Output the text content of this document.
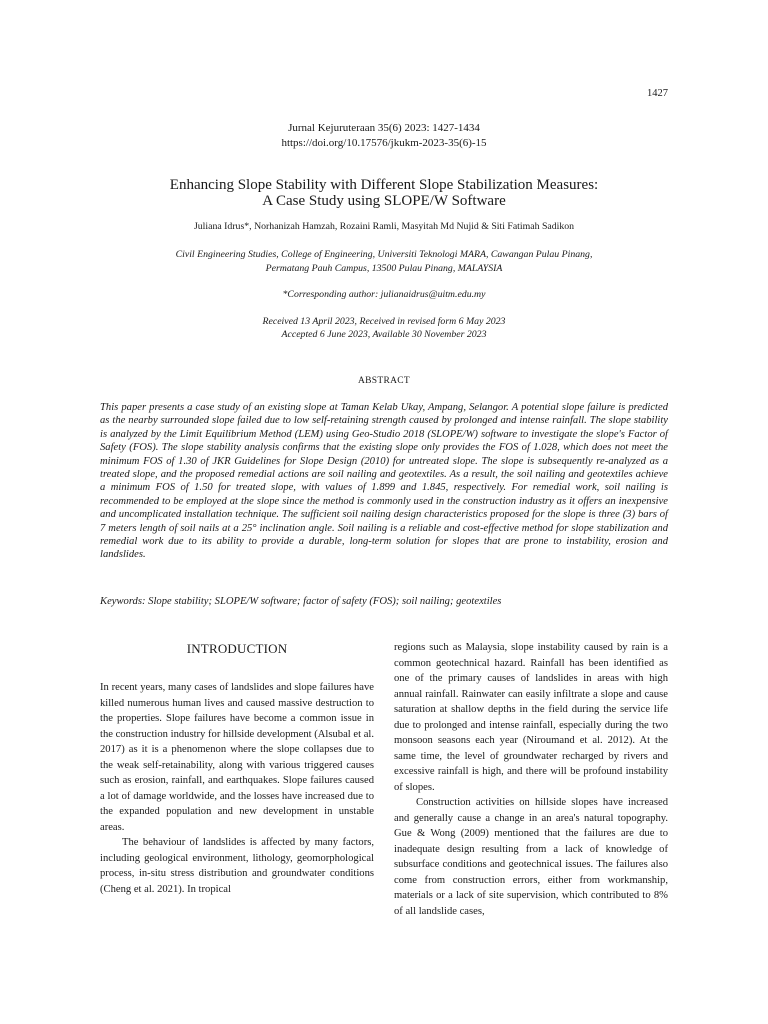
1427
Jurnal Kejuruteraan 35(6) 2023: 1427-1434
https://doi.org/10.17576/jkukm-2023-35(6)-15
Enhancing Slope Stability with Different Slope Stabilization Measures:
A Case Study using SLOPE/W Software
Juliana Idrus*, Norhanizah Hamzah, Rozaini Ramli, Masyitah Md Nujid & Siti Fatimah Sadikon
Civil Engineering Studies, College of Engineering, Universiti Teknologi MARA, Cawangan Pulau Pinang,
Permatang Pauh Campus, 13500 Pulau Pinang, MALAYSIA
*Corresponding author: julianaidrus@uitm.edu.my
Received 13 April 2023, Received in revised form 6 May 2023
Accepted 6 June 2023, Available 30 November 2023
ABSTRACT

This paper presents a case study of an existing slope at Taman Kelab Ukay, Ampang, Selangor. A potential slope failure is predicted as the nearby surrounded slope failed due to low self-retaining strength caused by prolonged and intense rainfall. The slope stability is analyzed by the Limit Equilibrium Method (LEM) using Geo-Studio 2018 (SLOPE/W) software to investigate the slope's Factor of Safety (FOS). The slope stability analysis confirms that the existing slope only provides the FOS of 1.028, which does not meet the minimum FOS of 1.30 of JKR Guidelines for Slope Design (2010) for untreated slope. The slope is subsequently re-analyzed as a treated slope, and the proposed remedial actions are soil nailing and geotextiles. As a result, the soil nailing and geotextiles achieve a minimum FOS of 1.50 for treated slope, with values of 1.899 and 1.845, respectively. For remedial work, soil nailing is recommended to be employed at the slope since the method is commonly used in the construction industry as it offers an inexpensive and uncomplicated installation technique. The sufficient soil nailing design characteristics proposed for the slope is three (3) bars of 7 meters length of soil nails at a 25° inclination angle. Soil nailing is a reliable and cost-effective method for slope stabilization and remedial work due to its ability to provide a durable, long-term solution for slopes that are prone to instability, erosion and landslides.

Keywords: Slope stability; SLOPE/W software; factor of safety (FOS); soil nailing; geotextiles
INTRODUCTION

In recent years, many cases of landslides and slope failures have killed numerous human lives and caused massive destruction to the properties. Slope failures have become a common issue in the construction industry for hillside development (Alsubal et al. 2017) as it is a phenomenon where the slope collapses due to the weak self-retainability, along with various triggered causes such as erosion, rainfall, and earthquakes. Slope failures caused a lot of damage worldwide, and the losses have increased due to the expanded population and new development in unstable areas.

The behaviour of landslides is affected by many factors, including geological environment, lithology, geomorphological process, in-situ stress distribution and groundwater conditions (Cheng et al. 2021). In tropical

regions such as Malaysia, slope instability caused by rain is a common geotechnical hazard. Rainfall has been identified as one of the primary causes of landslides in areas with high annual rainfall. Rainwater can easily infiltrate a slope and cause saturation at shallow depths in the field during the service life due to prolonged and intense rainfall, especially during the two monsoon seasons each year (Niroumand et al. 2012). At the same time, the level of groundwater recharged by rivers and excessive rainfall is high, and there will be profound instability of slopes.

Construction activities on hillside slopes have increased and generally cause a change in an area's natural topography. Gue & Wong (2009) mentioned that the failures are due to inadequate design resulting from a lack of knowledge of subsurface conditions and geotechnical issues. The failures also come from construction errors, either from workmanship, materials or a lack of site supervision, which contributed to 8% of all landslide cases,
